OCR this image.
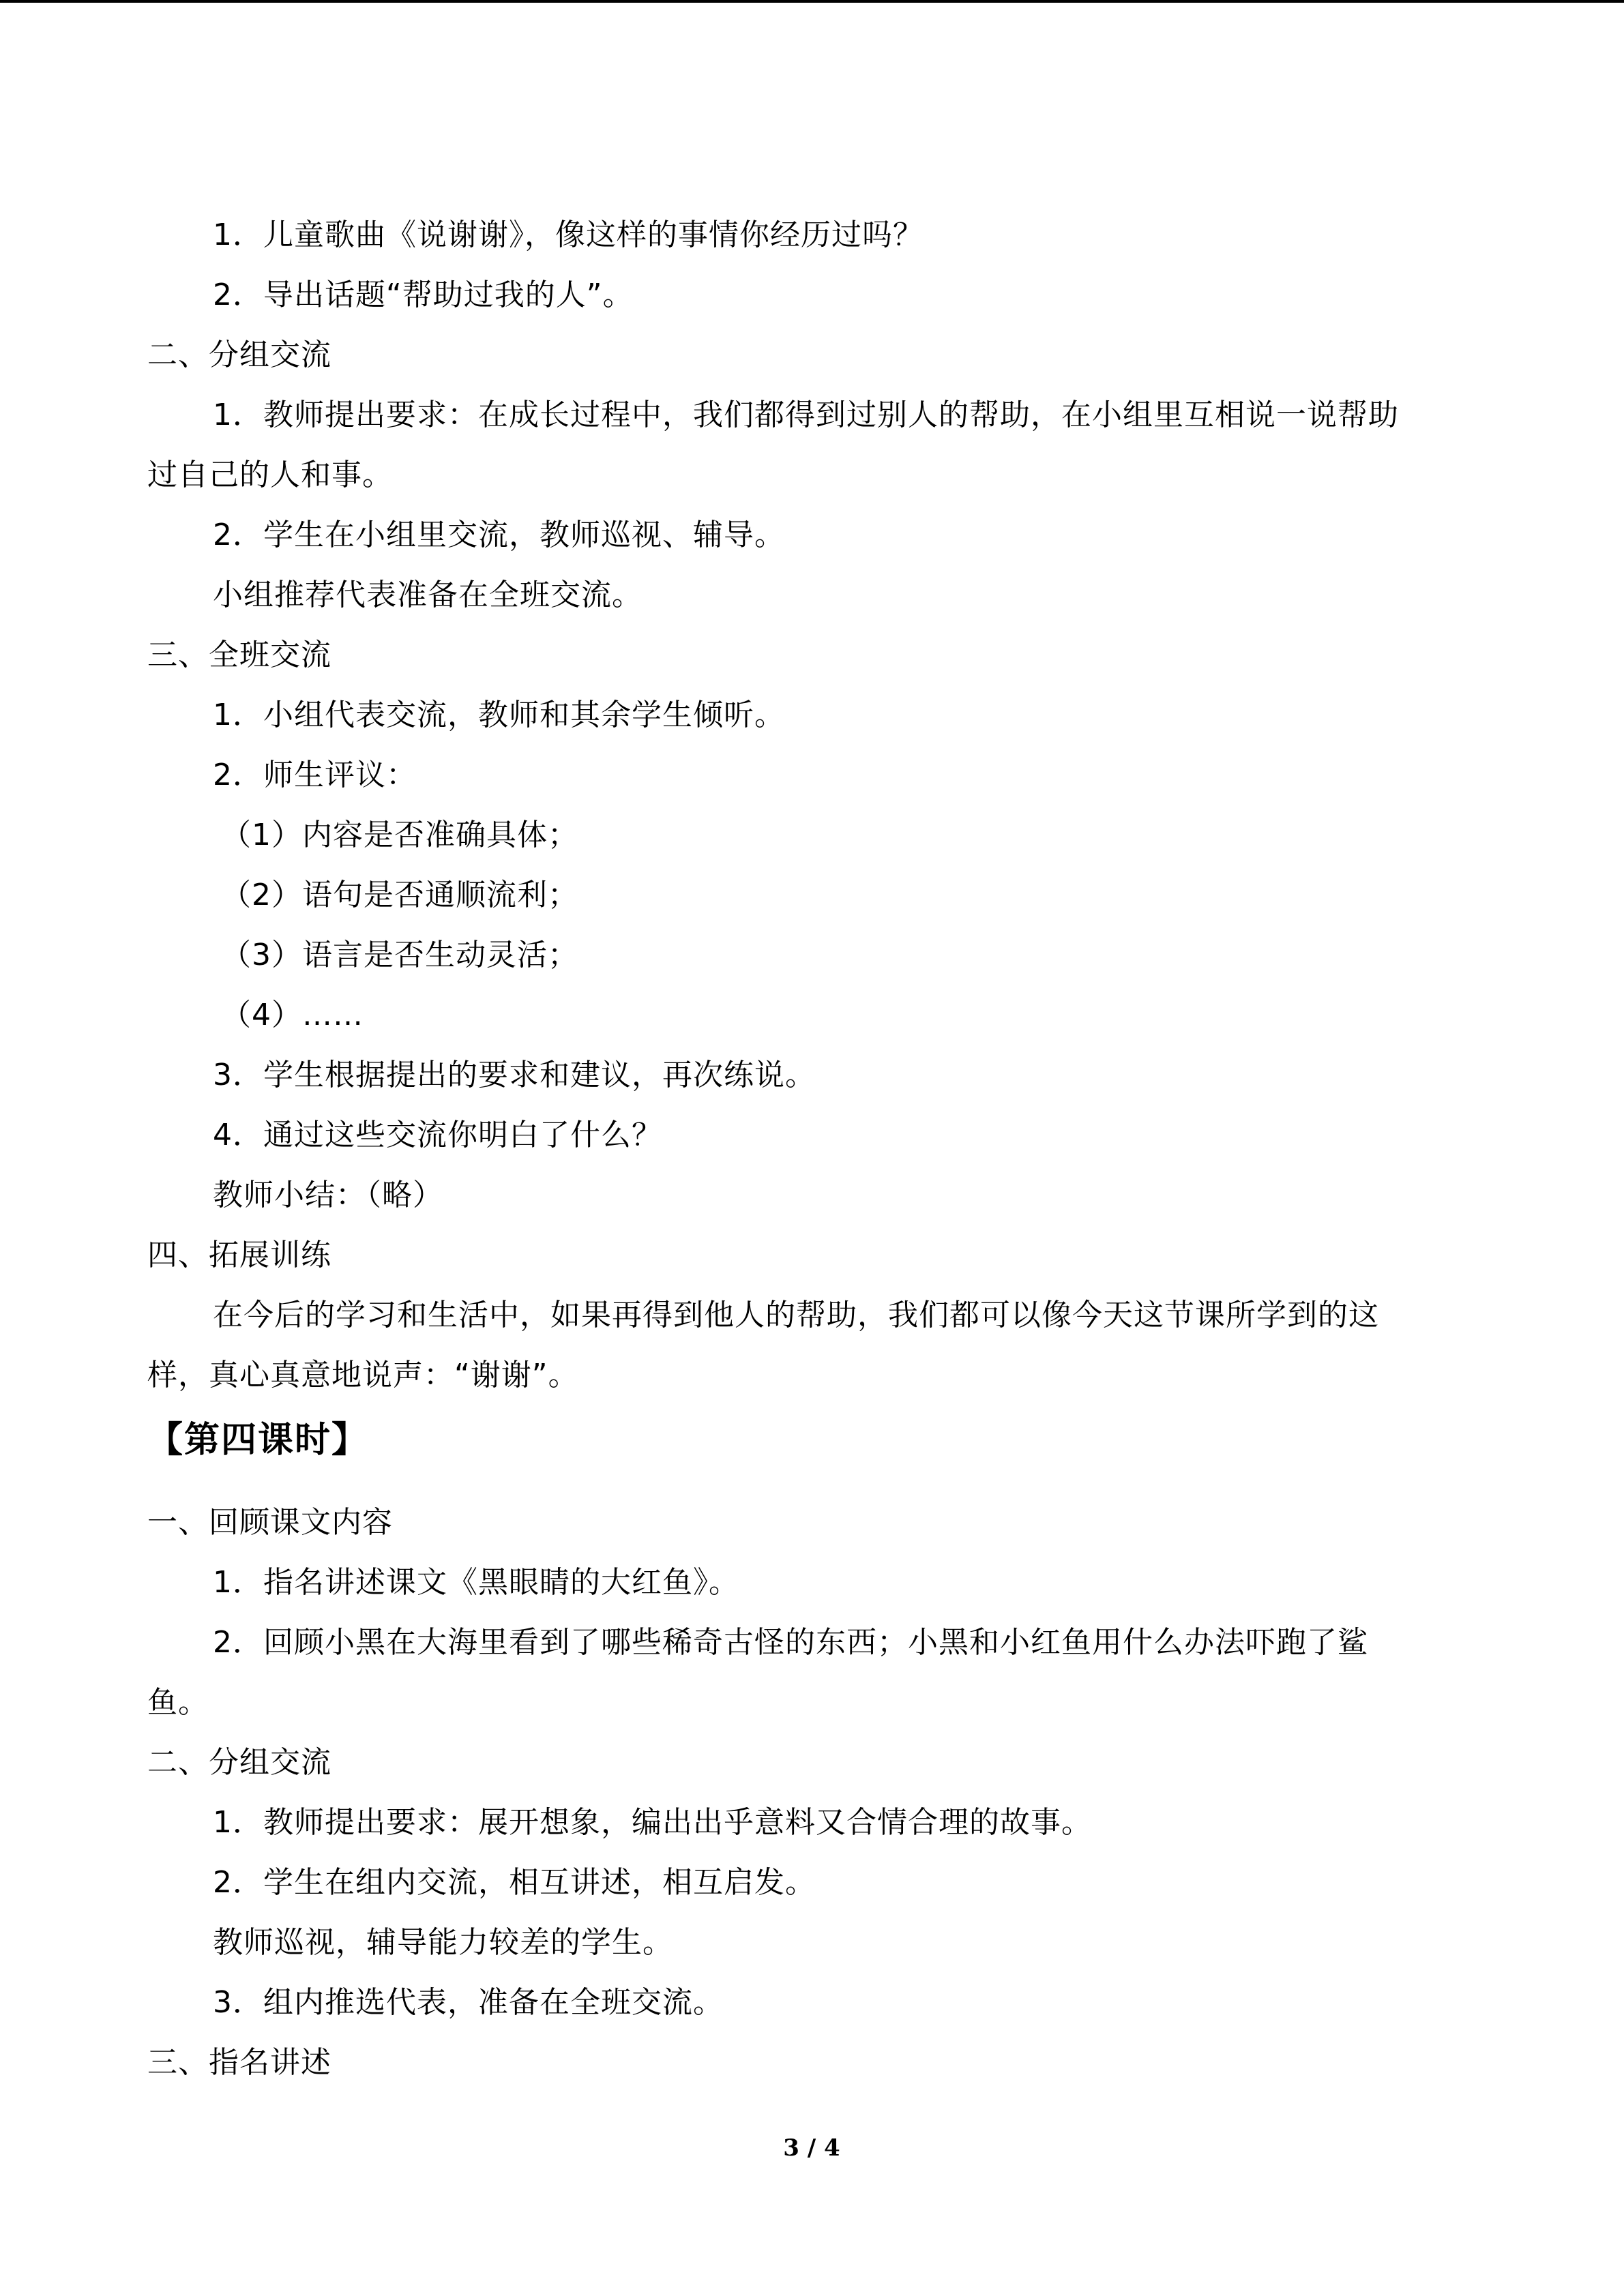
1．儿童歌曲《说谢谢》，像这样的事情你经历过吗？
2．导出话题“帮助过我的人”。
二、分组交流
1．教师提出要求：在成长过程中，我们都得到过别人的帮助，在小组里互相说一说帮助
过自己的人和事。
2．学生在小组里交流，教师巡视、辅导。
小组推荐代表准备在全班交流。
三、全班交流
1．小组代表交流，教师和其余学生倾听。
2．师生评议：
（1）内容是否准确具体；
（2）语句是否通顺流利；
（3）语言是否生动灵活；
（4）……
3．学生根据提出的要求和建议，再次练说。
4．通过这些交流你明白了什么？
教师小结：（略）
四、拓展训练
在今后的学习和生活中，如果再得到他人的帮助，我们都可以像今天这节课所学到的这
样，真心真意地说声：“谢谢”。
【第四课时】
一、回顾课文内容
1．指名讲述课文《黑眼睛的大红鱼》。
2．回顾小黑在大海里看到了哪些稀奇古怪的东西；小黑和小红鱼用什么办法吓跑了鲨
鱼。
二、分组交流
1．教师提出要求：展开想象，编出出乎意料又合情合理的故事。
2．学生在组内交流，相互讲述，相互启发。
教师巡视，辅导能力较差的学生。
3．组内推选代表，准备在全班交流。
三、指名讲述
3 / 4
